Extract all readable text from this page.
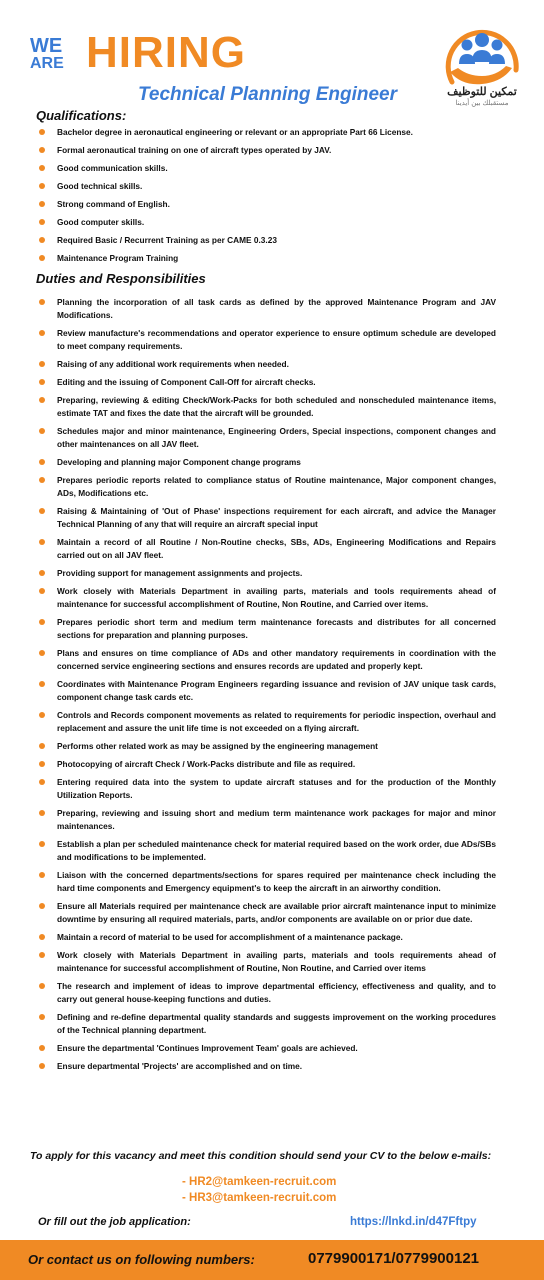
WE
ARE HIRING
Technical Planning Engineer	تمكين للتوظيف
مستقبلك بين أيدينا
Qualifications:
Bachelor degree in aeronautical engineering or relevant or an appropriate Part 66 License.
Formal aeronautical training on one of aircraft types operated by JAV.
Good communication skills.
Good technical skills.
Strong command of English.
Good computer skills.
Required Basic / Recurrent Training as per CAME 0.3.23
Maintenance Program Training
Duties and Responsibilities
Planning the incorporation of all task cards as defined by the approved Maintenance Program and JAV Modifications.
Review manufacture's recommendations and operator experience to ensure optimum schedule are developed to meet company requirements.
Raising of any additional work requirements when needed.
Editing and the issuing of Component Call-Off for aircraft checks.
Preparing, reviewing & editing Check/Work-Packs for both scheduled and nonscheduled maintenance items, estimate TAT and fixes the date that the aircraft will be grounded.
Schedules major and minor maintenance, Engineering Orders, Special inspections, component changes and other maintenances on all JAV fleet.
Developing and planning major Component change programs
Prepares periodic reports related to compliance status of Routine maintenance, Major component changes, ADs, Modifications etc.
Raising & Maintaining of 'Out of Phase' inspections requirement for each aircraft, and advice the Manager Technical Planning of any that will require an aircraft special input
Maintain a record of all Routine / Non-Routine checks, SBs, ADs, Engineering Modifications and Repairs carried out on all JAV fleet.
Providing support for management assignments and projects.
Work closely with Materials Department in availing parts, materials and tools requirements ahead of maintenance for successful accomplishment of Routine, Non Routine, and Carried over items.
Prepares periodic short term and medium term maintenance forecasts and distributes for all concerned sections for preparation and planning purposes.
Plans and ensures on time compliance of ADs and other mandatory requirements in coordination with the concerned service engineering sections and ensures records are updated and properly kept.
Coordinates with Maintenance Program Engineers regarding issuance and revision of JAV unique task cards, component change task cards etc.
Controls and Records component movements as related to requirements for periodic inspection, overhaul and replacement and assure the unit life time is not exceeded on a flying aircraft.
Performs other related work as may be assigned by the engineering management
Photocopying of aircraft Check / Work-Packs distribute and file as required.
Entering required data into the system to update aircraft statuses and for the production of the Monthly Utilization Reports.
Preparing, reviewing and issuing short and medium term maintenance work packages for major and minor maintenances.
Establish a plan per scheduled maintenance check for material required based on the work order, due ADs/SBs and modifications to be implemented.
Liaison with the concerned departments/sections for spares required per maintenance check including the hard time components and Emergency equipment's to keep the aircraft in an airworthy condition.
Ensure all Materials required per maintenance check are available prior aircraft maintenance input to minimize downtime by ensuring all required materials, parts, and/or components are available on or prior due date.
Maintain a record of material to be used for accomplishment of a maintenance package.
Work closely with Materials Department in availing parts, materials and tools requirements ahead of maintenance for successful accomplishment of Routine, Non Routine, and Carried over items
The research and implement of ideas to improve departmental efficiency, effectiveness and quality, and to carry out general house-keeping functions and duties.
Defining and re-define departmental quality standards and suggests improvement on the working procedures of the Technical planning department.
Ensure the departmental 'Continues Improvement Team' goals are achieved.
Ensure departmental 'Projects' are accomplished and on time.
To apply for this vacancy and meet this condition should send your CV to the below e-mails:
- HR2@tamkeen-recruit.com
- HR3@tamkeen-recruit.com
Or fill out the job application:	https://lnkd.in/d47Fftpy
Or contact us on following numbers:	0779900171/0779900121
